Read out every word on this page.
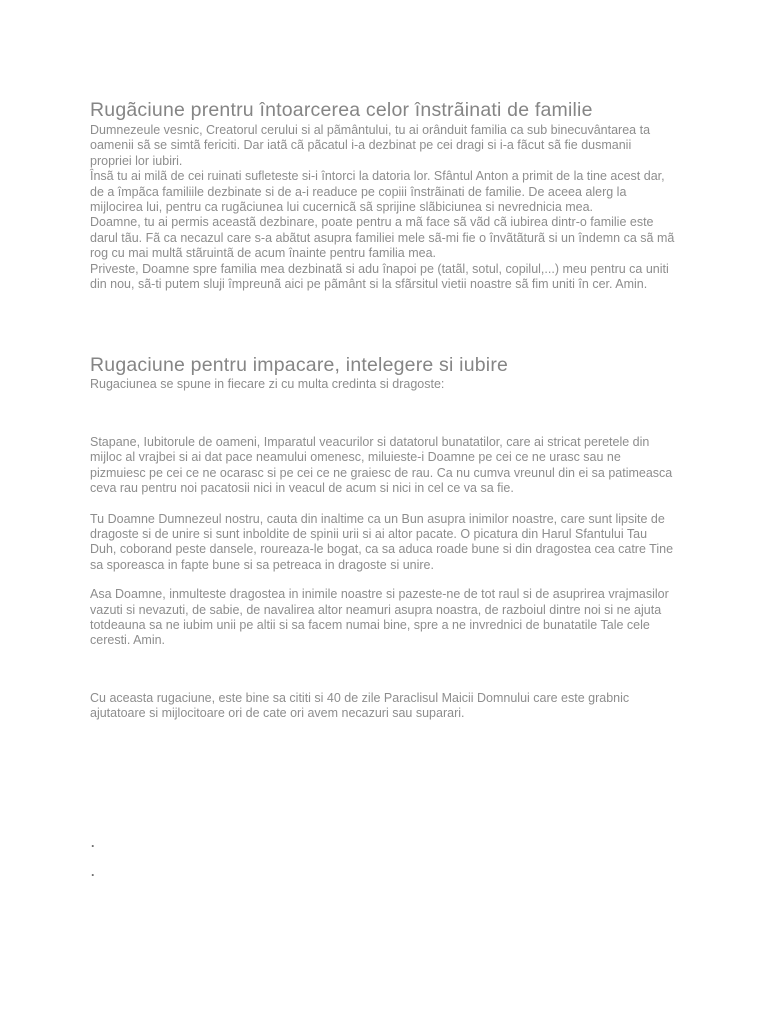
Rugãciune prentru întoarcerea celor înstrãinati de familie
Dumnezeule vesnic, Creatorul cerului si al pãmântului, tu ai orânduit familia ca sub binecuvântarea ta
oamenii sã se simtã fericiti. Dar iatã cã pãcatul i-a dezbinat pe cei dragi si i-a fãcut sã fie dusmanii
propriei lor iubiri.
Însã tu ai milã de cei ruinati sufleteste si-i întorci la datoria lor. Sfântul Anton a primit de la tine acest dar,
de a împãca familiile dezbinate si de a-i readuce pe copiii înstrãinati de familie. De aceea alerg la
mijlocirea lui, pentru ca rugãciunea lui cucernicã sã sprijine slãbiciunea si nevrednicia mea.
Doamne, tu ai permis aceastã dezbinare, poate pentru a mã face sã vãd cã iubirea dintr-o familie este
darul tãu. Fã ca necazul care s-a abãtut asupra familiei mele sã-mi fie o învãtãturã si un îndemn ca sã mã
rog cu mai multã stãruintã de acum înainte pentru familia mea.
Priveste, Doamne spre familia mea dezbinatã si adu înapoi pe (tatãl, sotul, copilul,...) meu pentru ca uniti
din nou, sã-ti putem sluji împreunã aici pe pãmânt si la sfãrsitul vietii noastre sã fim uniti în cer. Amin.
Rugaciune pentru impacare, intelegere si iubire
Rugaciunea se spune in fiecare zi cu multa credinta si dragoste:
Stapane, Iubitorule de oameni, Imparatul veacurilor si datatorul bunatatilor, care ai stricat peretele din
mijloc al vrajbei si ai dat pace neamului omenesc, miluieste-i Doamne pe cei ce ne urasc sau ne
pizmuiesc pe cei ce ne ocarasc si pe cei ce ne graiesc de rau. Ca nu cumva vreunul din ei sa patimeasca
ceva rau pentru noi pacatosii nici in veacul de acum si nici in cel ce va sa fie.
Tu Doamne Dumnezeul nostru, cauta din inaltime ca un Bun asupra inimilor noastre, care sunt lipsite de
dragoste si de unire si sunt inboldite de spinii urii si ai altor pacate. O picatura din Harul Sfantului Tau
Duh, coborand peste dansele, roureaza-le bogat, ca sa aduca roade bune si din dragostea cea catre Tine
sa sporeasca in fapte bune si sa petreaca in dragoste si unire.
Asa Doamne, inmulteste dragostea in inimile noastre si pazeste-ne de tot raul si de asuprirea vrajmasilor
vazuti si nevazuti, de sabie, de navalirea altor neamuri asupra noastra, de razboiul dintre noi si ne ajuta
totdeauna sa ne iubim unii pe altii si sa facem numai bine, spre a ne invrednici de bunatatile Tale cele
ceresti. Amin.
Cu aceasta rugaciune, este bine sa cititi si 40 de zile Paraclisul Maicii Domnului care este grabnic
ajutatoare si mijlocitoare ori de cate ori avem necazuri sau suparari.
.
.
